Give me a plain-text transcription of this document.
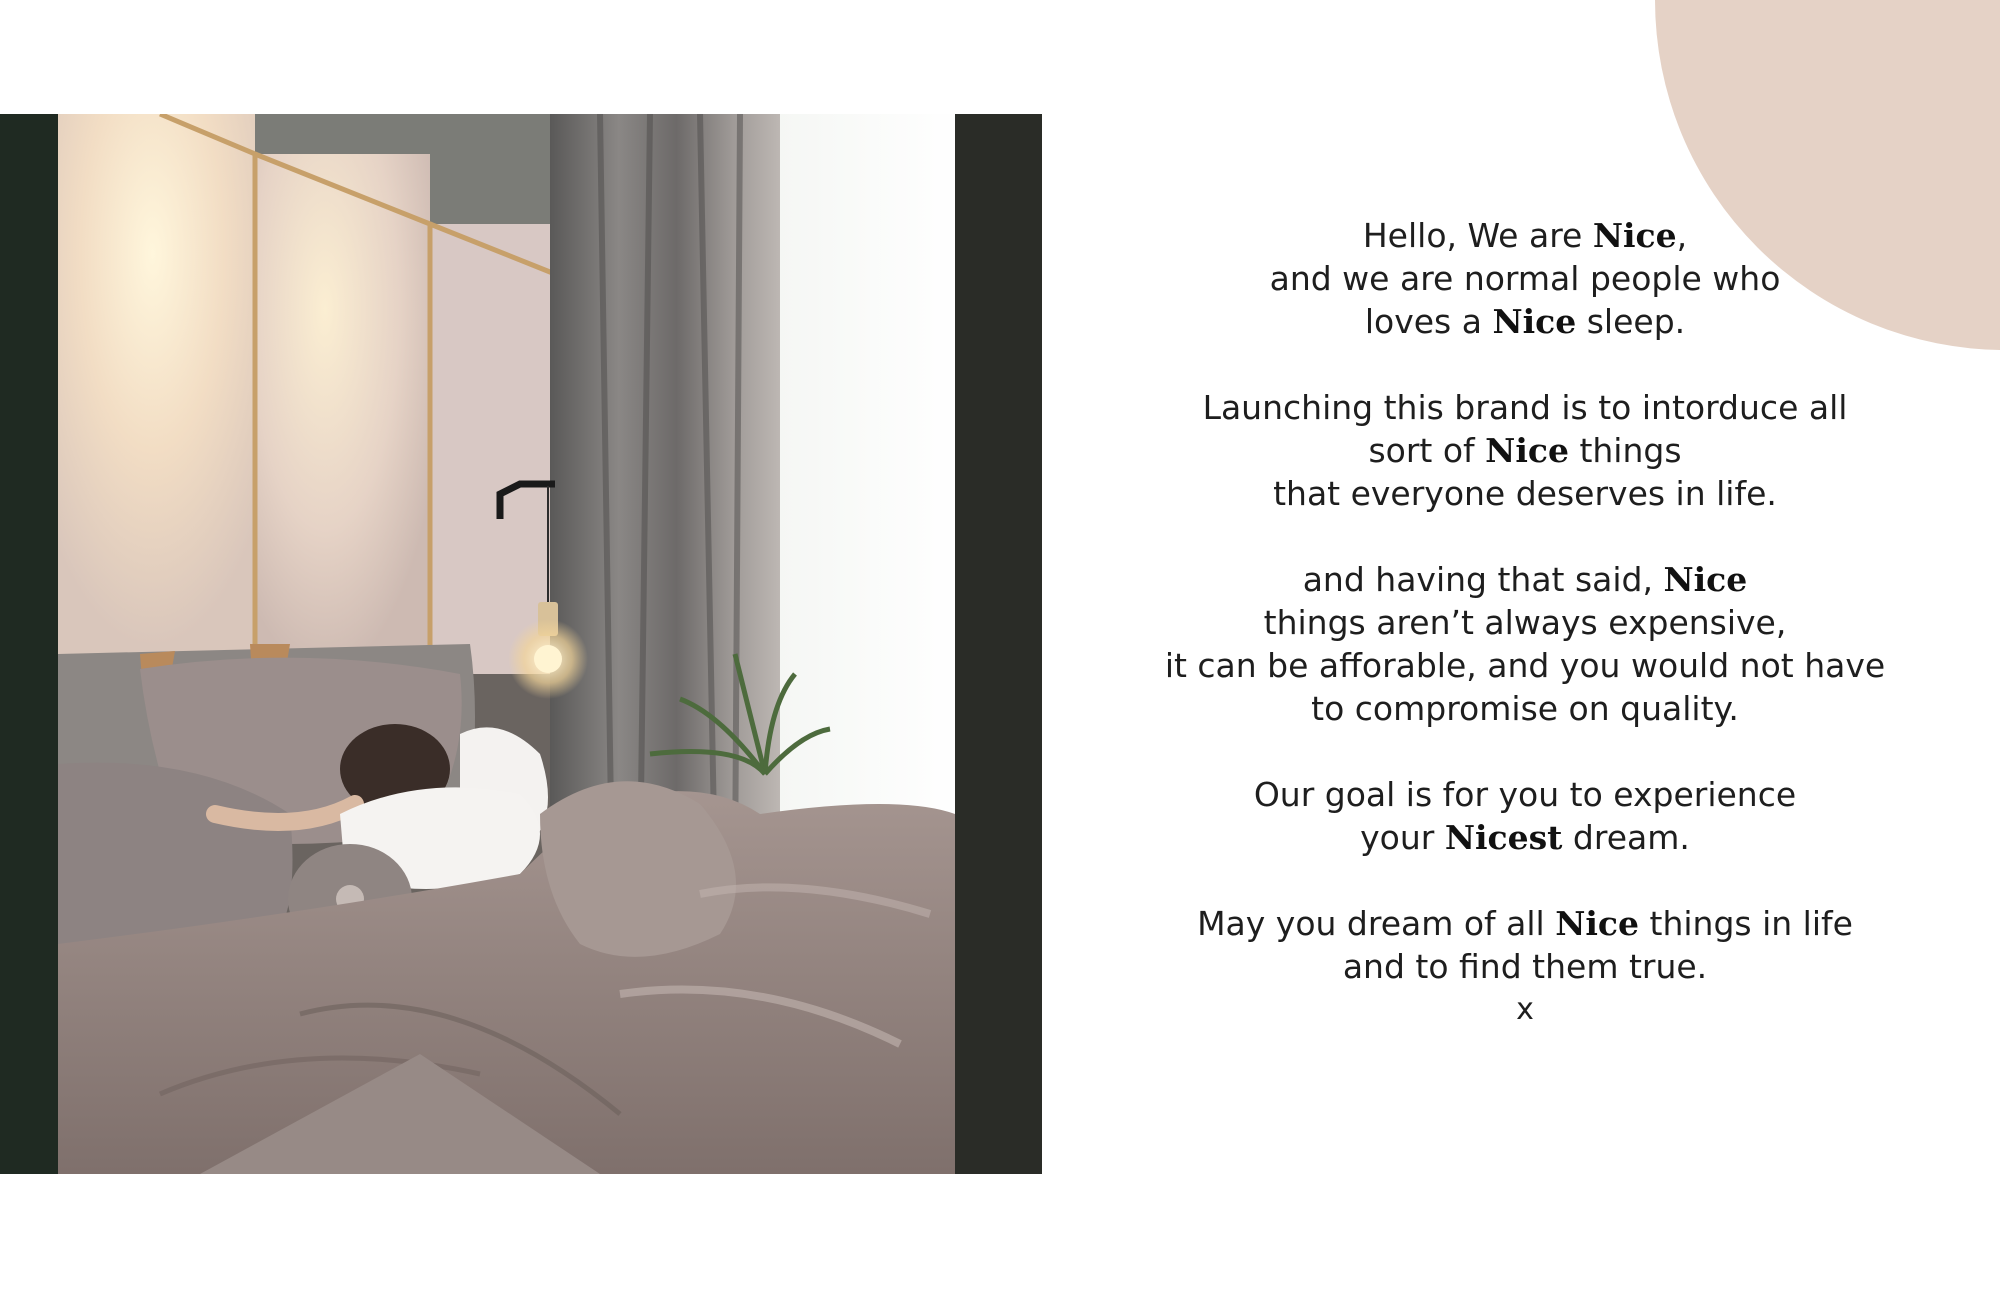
Hello, We are Nice,
and we are normal people who
loves a Nice sleep.
Launching this brand is to intorduce all
sort of Nice things
that everyone deserves in life.
and having that said, Nice
things aren’t always expensive,
it can be afforable, and you would not have
to compromise on quality.
Our goal is for you to experience
your Nicest dream.
May you dream of all Nice things in life
and to find them true.
x
